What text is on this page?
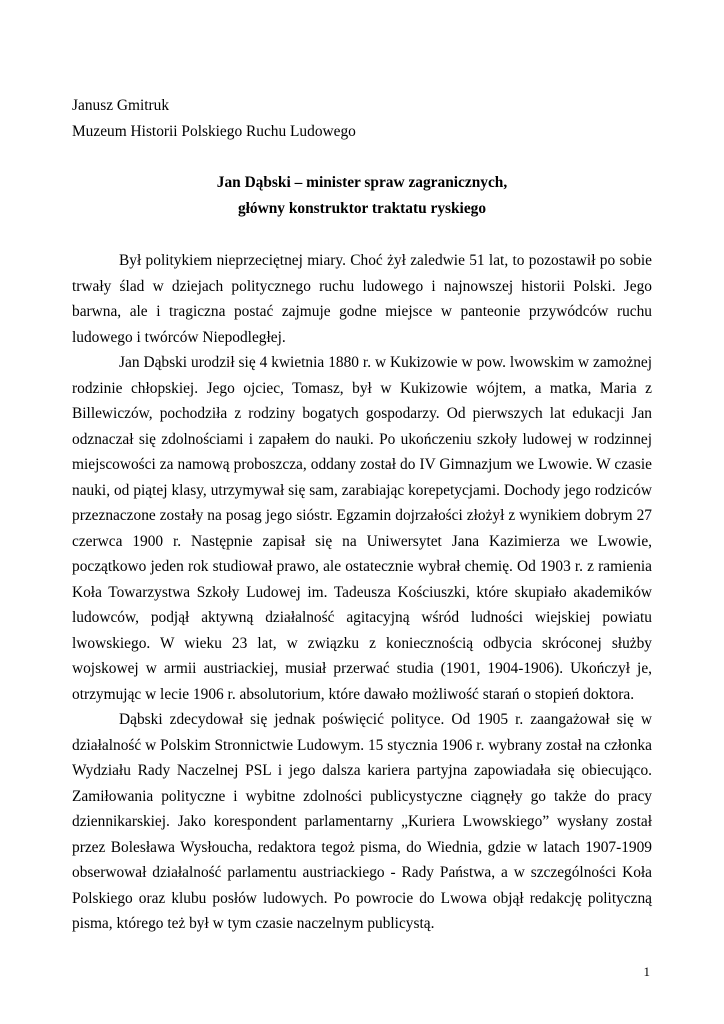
Janusz Gmitruk
Muzeum Historii Polskiego Ruchu Ludowego
Jan Dąbski – minister spraw zagranicznych,
główny konstruktor traktatu ryskiego

Był politykiem nieprzeciętnej miary. Choć żył zaledwie 51 lat, to pozostawił po sobie trwały ślad w dziejach politycznego ruchu ludowego i najnowszej historii Polski. Jego barwna, ale i tragiczna postać zajmuje godne miejsce w panteonie przywódców ruchu ludowego i twórców Niepodległej.

Jan Dąbski urodził się 4 kwietnia 1880 r. w Kukizowie w pow. lwowskim w zamożnej rodzinie chłopskiej. Jego ojciec, Tomasz, był w Kukizowie wójtem, a matka, Maria z Billewiczów, pochodziła z rodziny bogatych gospodarzy. Od pierwszych lat edukacji Jan odznaczał się zdolnościami i zapałem do nauki. Po ukończeniu szkoły ludowej w rodzinnej miejscowości za namową proboszcza, oddany został do IV Gimnazjum we Lwowie. W czasie nauki, od piątej klasy, utrzymywał się sam, zarabiając korepetycjami. Dochody jego rodziców przeznaczone zostały na posag jego sióstr. Egzamin dojrzałości złożył z wynikiem dobrym 27 czerwca 1900 r. Następnie zapisał się na Uniwersytet Jana Kazimierza we Lwowie, początkowo jeden rok studiował prawo, ale ostatecznie wybrał chemię. Od 1903 r. z ramienia Koła Towarzystwa Szkoły Ludowej im. Tadeusza Kościuszki, które skupiało akademików ludowców, podjął aktywną działalność agitacyjną wśród ludności wiejskiej powiatu lwowskiego. W wieku 23 lat, w związku z koniecznością odbycia skróconej służby wojskowej w armii austriackiej, musiał przerwać studia (1901, 1904-1906). Ukończył je, otrzymując w lecie 1906 r. absolutorium, które dawało możliwość starań o stopień doktora.

Dąbski zdecydował się jednak poświęcić polityce. Od 1905 r. zaangażował się w działalność w Polskim Stronnictwie Ludowym. 15 stycznia 1906 r. wybrany został na członka Wydziału Rady Naczelnej PSL i jego dalsza kariera partyjna zapowiadała się obiecująco. Zamiłowania polityczne i wybitne zdolności publicystyczne ciągnęły go także do pracy dziennikarskiej. Jako korespondent parlamentarny „Kuriera Lwowskiego” wysłany został przez Bolesława Wysłoucha, redaktora tegoż pisma, do Wiednia, gdzie w latach 1907-1909 obserwował działalność parlamentu austriackiego - Rady Państwa, a w szczególności Koła Polskiego oraz klubu posłów ludowych. Po powrocie do Lwowa objął redakcję polityczną pisma, którego też był w tym czasie naczelnym publicystą.

1
